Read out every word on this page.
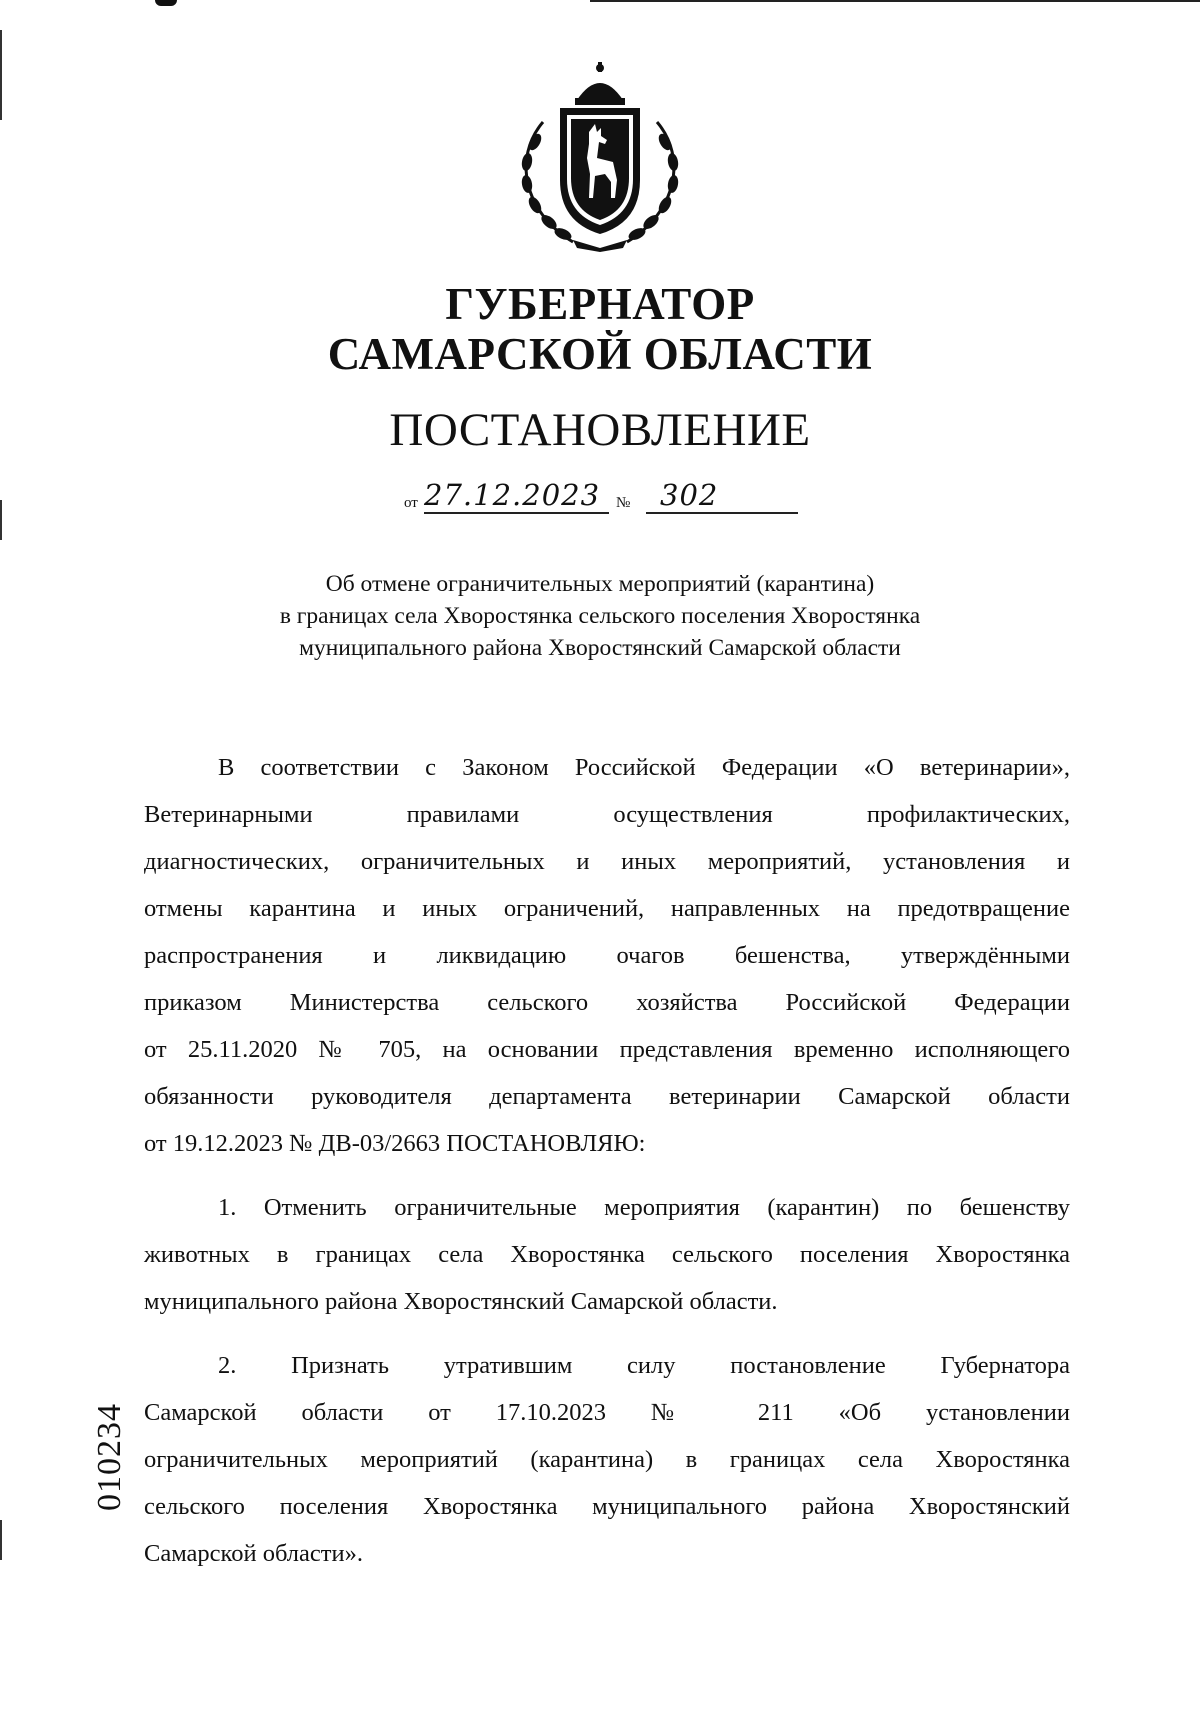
ГУБЕРНАТОР
САМАРСКОЙ ОБЛАСТИ
ПОСТАНОВЛЕНИЕ
от 27.12.2023 № 302
Об отмене ограничительных мероприятий (карантина)
в границах села Хворостянка сельского поселения Хворостянка
муниципального района Хворостянский Самарской области
В соответствии с Законом Российской Федерации «О ветеринарии»,
Ветеринарными правилами осуществления профилактических,
диагностических, ограничительных и иных мероприятий, установления и
отмены карантина и иных ограничений, направленных на предотвращение
распространения и ликвидацию очагов бешенства, утверждёнными
приказом Министерства сельского хозяйства Российской Федерации
от 25.11.2020 № 705, на основании представления временно исполняющего
обязанности руководителя департамента ветеринарии Самарской области
от 19.12.2023 № ДВ-03/2663 ПОСТАНОВЛЯЮ:
1. Отменить ограничительные мероприятия (карантин) по бешенству
животных в границах села Хворостянка сельского поселения Хворостянка
муниципального района Хворостянский Самарской области.
2. Признать утратившим силу постановление Губернатора
Самарской области от 17.10.2023 № 211 «Об установлении
ограничительных мероприятий (карантина) в границах села Хворостянка
сельского поселения Хворостянка муниципального района Хворостянский
Самарской области».
010234
